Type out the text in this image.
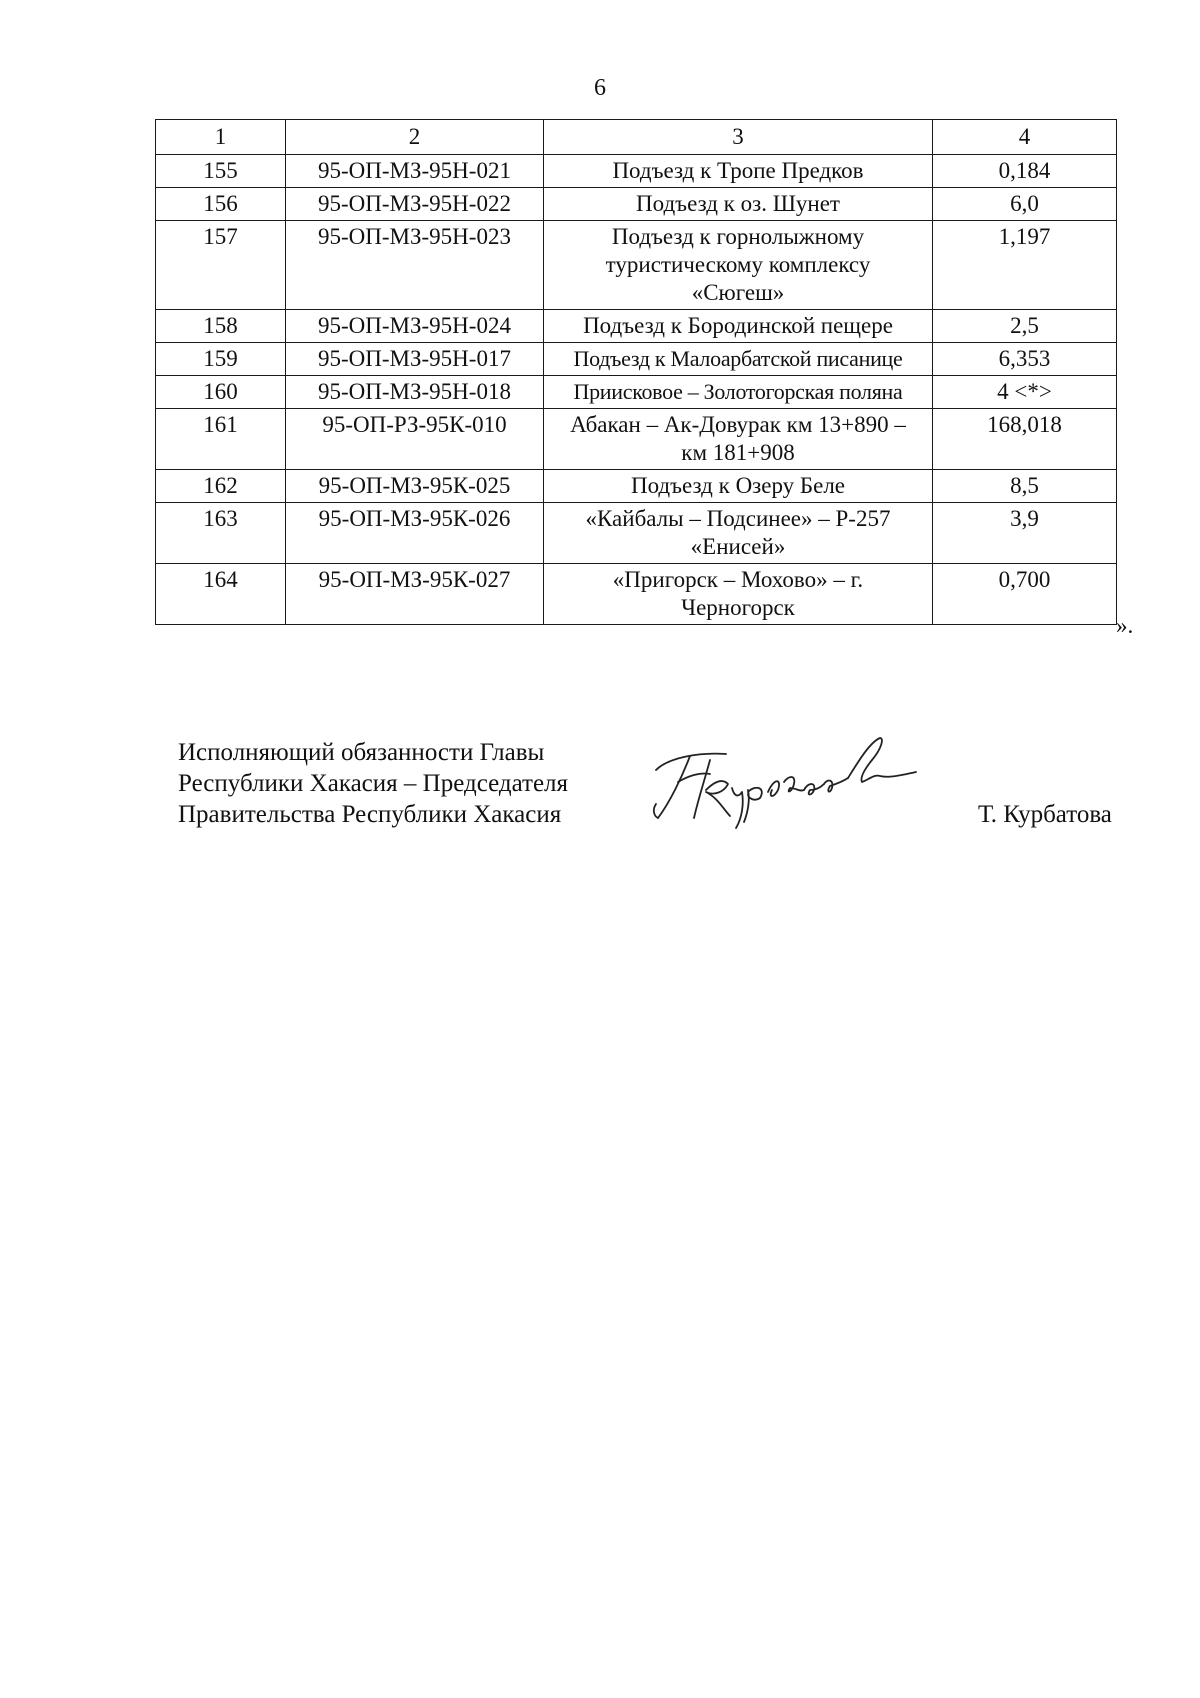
6
1	2	3	4
155	95-ОП-МЗ-95Н-021	Подъезд к Тропе Предков	0,184
156	95-ОП-МЗ-95Н-022	Подъезд к оз. Шунет	6,0
157	95-ОП-МЗ-95Н-023	Подъезд к горнолыжному туристическому комплексу «Сюгеш»	1,197
158	95-ОП-МЗ-95Н-024	Подъезд к Бородинской пещере	2,5
159	95-ОП-МЗ-95Н-017	Подъезд к Малоарбатской писанице	6,353
160	95-ОП-МЗ-95Н-018	Приисковое – Золотогорская поляна	4 <*>
161	95-ОП-РЗ-95К-010	Абакан – Ак-Довурак км 13+890 – км 181+908	168,018
162	95-ОП-МЗ-95К-025	Подъезд к Озеру Беле	8,5
163	95-ОП-МЗ-95К-026	«Кайбалы – Подсинее» – Р-257 «Енисей»	3,9
164	95-ОП-МЗ-95К-027	«Пригорск – Мохово» – г. Черногорск	0,700
».
Исполняющий обязанности Главы
Республики Хакасия – Председателя
Правительства Республики Хакасия	Т. Курбатова
